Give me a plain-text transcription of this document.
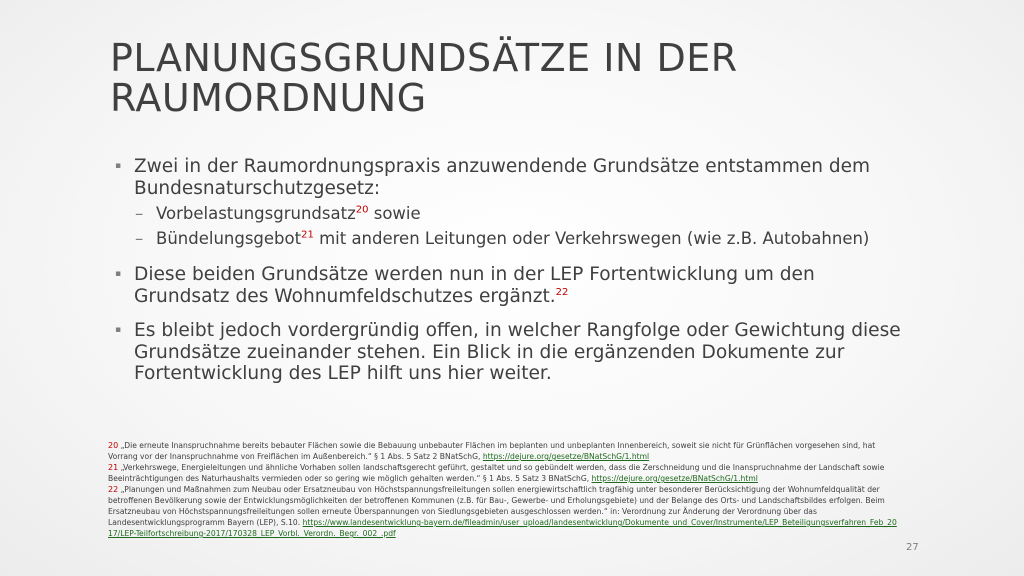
PLANUNGSGRUNDSÄTZE IN DER
RAUMORDNUNG
▪ Zwei in der Raumordnungspraxis anzuwendende Grundsätze entstammen dem Bundesnaturschutzgesetz:
– Vorbelastungsgrundsatz$^{20}$ sowie
– Bündelungsgebot$^{21}$ mit anderen Leitungen oder Verkehrswegen (wie z.B. Autobahnen)
▪ Diese beiden Grundsätze werden nun in der LEP Fortentwicklung um den Grundsatz des Wohnumfeldschutzes ergänzt.$^{22}$
▪ Es bleibt jedoch vordergründig offen, in welcher Rangfolge oder Gewichtung diese Grundsätze zueinander stehen. Ein Blick in die ergänzenden Dokumente zur Fortentwicklung des LEP hilft uns hier weiter.

20 „Die erneute Inanspruchnahme bereits bebauter Flächen sowie die Bebauung unbebauter Flächen im beplanten und unbeplanten Innenbereich, soweit sie nicht für Grünflächen vorgesehen sind, hat Vorrang vor der Inanspruchnahme von Freiflächen im Außenbereich.“ § 1 Abs. 5 Satz 2 BNatSchG, https://dejure.org/gesetze/BNatSchG/1.html

21 „Verkehrswege, Energieleitungen und ähnliche Vorhaben sollen landschaftsgerecht geführt, gestaltet und so gebündelt werden, dass die Zerschneidung und die Inanspruchnahme der Landschaft sowie Beeinträchtigungen des Naturhaushalts vermieden oder so gering wie möglich gehalten werden.“ § 1 Abs. 5 Satz 3 BNatSchG, https://dejure.org/gesetze/BNatSchG/1.html

22 „Planungen und Maßnahmen zum Neubau oder Ersatzneubau von Höchstspannungsfreileitungen sollen energiewirtschaftlich tragfähig unter besonderer Berücksichtigung der Wohnumfeldqualität der betroffenen Bevölkerung sowie der Entwicklungsmöglichkeiten der betroffenen Kommunen (z.B. für Bau-, Gewerbe- und Erholungsgebiete) und der Belange des Orts- und Landschaftsbildes erfolgen. Beim Ersatzneubau von Höchstspannungsfreileitungen sollen erneute Überspannungen von Siedlungsgebieten ausgeschlossen werden.“ in: Verordnung zur Änderung der Verordnung über das Landesentwicklungsprogramm Bayern (LEP), S.10. https://www.landesentwicklung-bayern.de/fileadmin/user_upload/landesentwicklung/Dokumente_und_Cover/Instrumente/LEP_Beteiligungsverfahren_Feb_2017/LEP-Teilfortschreibung-2017/170328_LEP_Vorbl._Verordn._Begr._002_.pdf

27
